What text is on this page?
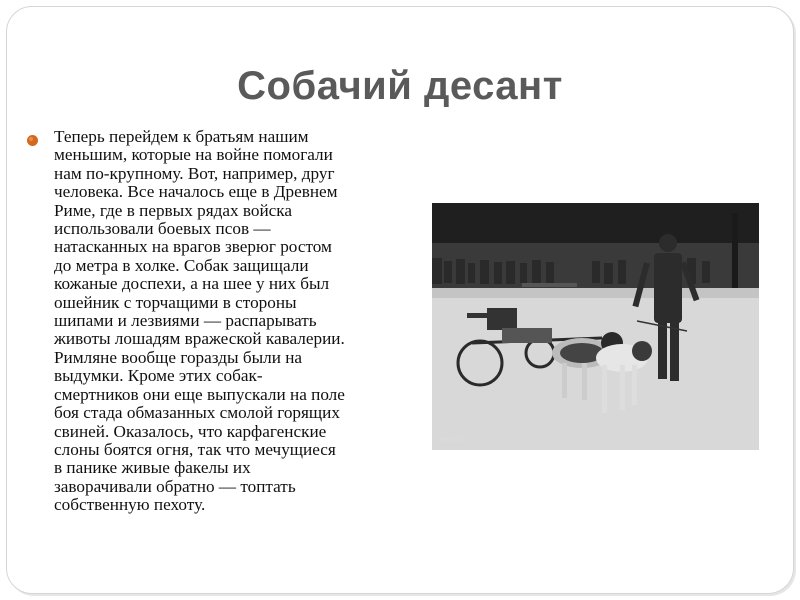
Собачий десант
Теперь перейдем к братьям нашим
меньшим, которые на войне помогали
нам по-крупному. Вот, например, друг
человека. Все началось еще в Древнем
Риме, где в первых рядах войска
использовали боевых псов —
натасканных на врагов зверюг ростом
до метра в холке. Собак защищали
кожаные доспехи, а на шее у них был
ошейник с торчащими в стороны
шипами и лезвиями — распарывать
животы лошадям вражеской кавалерии.
Римляне вообще горазды были на
выдумки. Кроме этих собак-
смертников они еще выпускали на поле
боя стада обмазанных смолой горящих
свиней. Оказалось, что карфагенские
слоны боятся огня, так что мечущиеся
в панике живые факелы их
заворачивали обратно — топтать
собственную пехоту.
MAXIM
